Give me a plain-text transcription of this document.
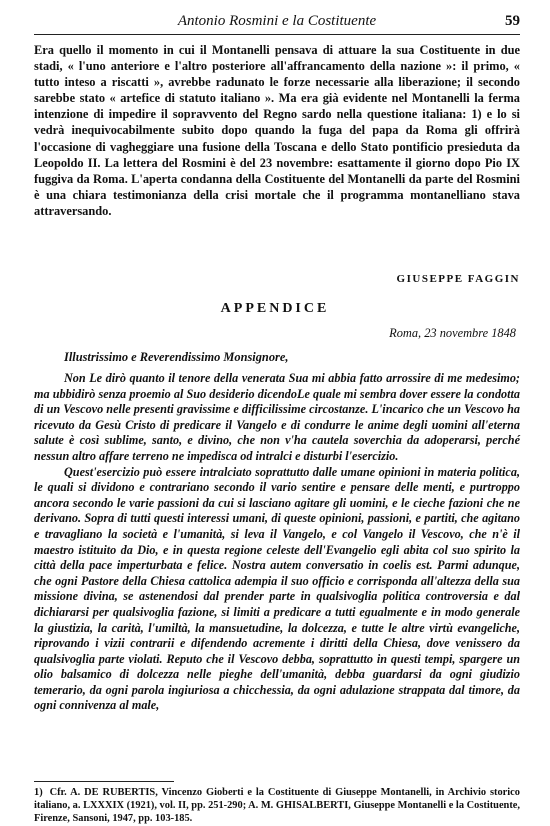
Antonio Rosmini e la Costituente	59
Era quello il momento in cui il Montanelli pensava di attuare la sua Costituente in due stadi, « l'uno anteriore e l'altro posteriore all'affrancamento della nazione »: il primo, « tutto inteso a riscatti », avrebbe radunato le forze necessarie alla liberazione; il secondo sarebbe stato « artefice di statuto italiano ». Ma era già evidente nel Montanelli la ferma intenzione di impedire il sopravvento del Regno sardo nella questione italiana: 1) e lo si vedrà inequivocabilmente subito dopo quando la fuga del papa da Roma gli offrirà l'occasione di vagheggiare una fusione della Toscana e dello Stato pontificio presieduta da Leopoldo II. La lettera del Rosmini è del 23 novembre: esattamente il giorno dopo Pio IX fuggiva da Roma. L'aperta condanna della Costituente del Montanelli da parte del Rosmini è una chiara testimonianza della crisi mortale che il programma montanelliano stava attraversando.
GIUSEPPE FAGGIN
APPENDICE
Roma, 23 novembre 1848
Illustrissimo e Reverendissimo Monsignore,

Non Le dirò quanto il tenore della venerata Sua mi abbia fatto arrossire di me medesimo; ma ubbidirò senza proemio al Suo desiderio dicendoLe quale mi sembra dover essere la condotta di un Vescovo nelle presenti gravissime e difficilissime circostanze. L'incarico che un Vescovo ha ricevuto da Gesù Cristo di predicare il Vangelo e di condurre le anime degli uomini all'eterna salute è così sublime, santo, e divino, che non v'ha cautela soverchia da adoperarsi, perché nessun altro affare terreno ne impedisca od intralci e disturbi l'esercizio.

Quest'esercizio può essere intralciato soprattutto dalle umane opinioni in materia politica, le quali si dividono e contrariano secondo il vario sentire e pensare delle menti, e purtroppo ancora secondo le varie passioni da cui si lasciano agitare gli uomini, e le cieche fazioni che ne derivano. Sopra di tutti questi interessi umani, di queste opinioni, passioni, e partiti, che agitano e travagliano la società e l'umanità, si leva il Vangelo, e col Vangelo il Vescovo, che n'è il maestro istituito da Dio, e in questa regione celeste dell'Evangelio egli abita col suo spirito la città della pace imperturbata e felice. Nostra autem conversatio in coelis est. Parmi adunque, che ogni Pastore della Chiesa cattolica adempia il suo officio e corrisponda all'altezza della sua missione divina, se astenendosi dal prender parte in qualsivoglia politica controversia e dal dichiararsi per qualsivoglia fazione, si limiti a predicare a tutti egualmente e in modo generale la giustizia, la carità, l'umiltà, la mansuetudine, la dolcezza, e tutte le altre virtù evangeliche, riprovando i vizii contrarii e difendendo acremente i diritti della Chiesa, dove venissero da qualsivoglia parte violati. Reputo che il Vescovo debba, soprattutto in questi tempi, spargere un olio balsamico di dolcezza nelle pieghe dell'umanità, debba guardarsi da ogni giudizio temerario, da ogni parola ingiuriosa a chicchessia, da ogni adulazione strappata dal timore, da ogni connivenza al male,

1) Cfr. A. DE RUBERTIS, Vincenzo Gioberti e la Costituente di Giuseppe Montanelli, in Archivio storico italiano, a. LXXXIX (1921), vol. II, pp. 251-290; A. M. GHISALBERTI, Giuseppe Montanelli e la Costituente, Firenze, Sansoni, 1947, pp. 103-185.
